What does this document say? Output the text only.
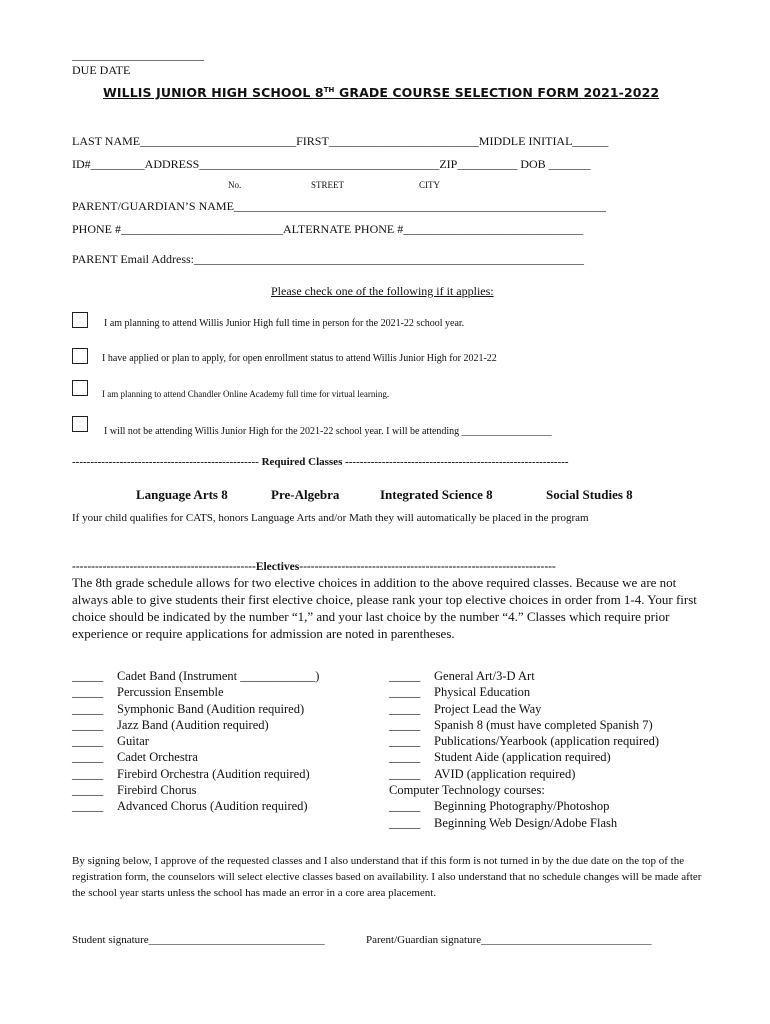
______________________
DUE DATE
WILLIS JUNIOR HIGH SCHOOL 8TH GRADE COURSE SELECTION FORM 2021-2022
LAST NAME__________________________FIRST_________________________MIDDLE INITIAL______
ID#_________ADDRESS________________________________________ZIP__________ DOB _______
No.	STREET	CITY
PARENT/GUARDIAN’S NAME______________________________________________________________
PHONE #___________________________ALTERNATE PHONE #______________________________
PARENT Email Address:_________________________________________________________________
Please check one of the following if it applies:
I am planning to attend Willis Junior High full time in person for the 2021-22 school year.
I have applied or plan to apply, for open enrollment status to attend Willis Junior High for 2021-22
I am planning to attend Chandler Online Academy full time for virtual learning.
I will not be attending Willis Junior High for the 2021-22 school year. I will be attending __________________
--------------------------------------------------- Required Classes -------------------------------------------------------------
Language Arts 8	Pre-Algebra	Integrated Science 8	Social Studies 8
If your child qualifies for CATS, honors Language Arts and/or Math they will automatically be placed in the program
------------------------------------------------Electives-------------------------------------------------------------------
The 8th grade schedule allows for two elective choices in addition to the above required classes. Because we are not always able to give students their first elective choice, please rank your top elective choices in order from 1-4. Your first choice should be indicated by the number “1,” and your last choice by the number “4.” Classes which require prior experience or require applications for admission are noted in parentheses.
_____ Cadet Band (Instrument ____________)
_____ Percussion Ensemble
_____ Symphonic Band (Audition required)
_____ Jazz Band (Audition required)
_____ Guitar
_____ Cadet Orchestra
_____ Firebird Orchestra (Audition required)
_____ Firebird Chorus
_____ Advanced Chorus (Audition required)
_____ General Art/3-D Art
_____ Physical Education
_____ Project Lead the Way
_____ Spanish 8 (must have completed Spanish 7)
_____ Publications/Yearbook (application required)
_____ Student Aide (application required)
_____ AVID (application required)
Computer Technology courses:
_____ Beginning Photography/Photoshop
_____ Beginning Web Design/Adobe Flash
By signing below, I approve of the requested classes and I also understand that if this form is not turned in by the due date on the top of the registration form, the counselors will select elective classes based on availability. I also understand that no schedule changes will be made after the school year starts unless the school has made an error in a core area placement.
Student signature________________________________	Parent/Guardian signature_______________________________
